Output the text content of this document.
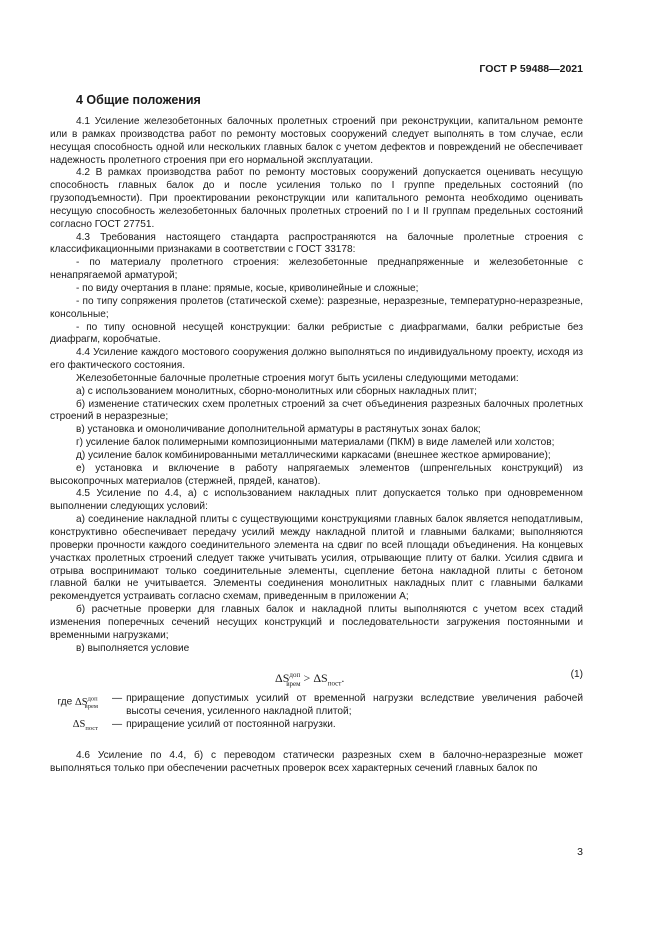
ГОСТ Р 59488—2021
4 Общие положения

4.1 Усиление железобетонных балочных пролетных строений при реконструкции, капитальном ремонте или в рамках производства работ по ремонту мостовых сооружений следует выполнять в том случае, если несущая способность одной или нескольких главных балок с учетом дефектов и повреждений не обеспечивает надежность пролетного строения при его нормальной эксплуатации.

4.2 В рамках производства работ по ремонту мостовых сооружений допускается оценивать несущую способность главных балок до и после усиления только по I группе предельных состояний (по грузоподъемности). При проектировании реконструкции или капитального ремонта необходимо оценивать несущую способность железобетонных балочных пролетных строений по I и II группам предельных состояний согласно ГОСТ 27751.

4.3 Требования настоящего стандарта распространяются на балочные пролетные строения с классификационными признаками в соответствии с ГОСТ 33178:

- по материалу пролетного строения: железобетонные преднапряженные и железобетонные с ненапрягаемой арматурой;

- по виду очертания в плане: прямые, косые, криволинейные и сложные;

- по типу сопряжения пролетов (статической схеме): разрезные, неразрезные, температурно-неразрезные, консольные;

- по типу основной несущей конструкции: балки ребристые с диафрагмами, балки ребристые без диафрагм, коробчатые.

4.4 Усиление каждого мостового сооружения должно выполняться по индивидуальному проекту, исходя из его фактического состояния.

Железобетонные балочные пролетные строения могут быть усилены следующими методами:

а) с использованием монолитных, сборно-монолитных или сборных накладных плит;

б) изменение статических схем пролетных строений за счет объединения разрезных балочных пролетных строений в неразрезные;

в) установка и омоноличивание дополнительной арматуры в растянутых зонах балок;

г) усиление балок полимерными композиционными материалами (ПКМ) в виде ламелей или холстов;

д) усиление балок комбинированными металлическими каркасами (внешнее жесткое армирование);

е) установка и включение в работу напрягаемых элементов (шпренгельных конструкций) из высокопрочных материалов (стержней, прядей, канатов).

4.5 Усиление по 4.4, а) с использованием накладных плит допускается только при одновременном выполнении следующих условий:

а) соединение накладной плиты с существующими конструкциями главных балок является неподатливым, конструктивно обеспечивает передачу усилий между накладной плитой и главными балками; выполняются проверки прочности каждого соединительного элемента на сдвиг по всей площади объединения. На концевых участках пролетных строений следует также учитывать усилия, отрывающие плиту от балки. Усилия сдвига и отрыва воспринимают только соединительные элементы, сцепление бетона накладной плиты с бетоном главной балки не учитывается. Элементы соединения монолитных накладных плит с главными балками рекомендуется устраивать согласно схемам, приведенным в приложении А;

б) расчетные проверки для главных балок и накладной плиты выполняются с учетом всех стадий изменения поперечных сечений несущих конструкций и последовательности загружения постоянными и временными нагрузками;

в) выполняется условие

$\Delta S^{доп}_{врем} > \Delta S_{пост}$.	(1)
где $\Delta S^{доп}_{врем}$
— приращение допустимых усилий от временной нагрузки вследствие увеличения рабочей высоты сечения, усиленного накладной плитой;
$\Delta S_{пост}$	— приращение усилий от постоянной нагрузки.

4.6 Усиление по 4.4, б) с переводом статически разрезных схем в балочно-неразрезные может выполняться только при обеспечении расчетных проверок всех характерных сечений главных балок по

3
